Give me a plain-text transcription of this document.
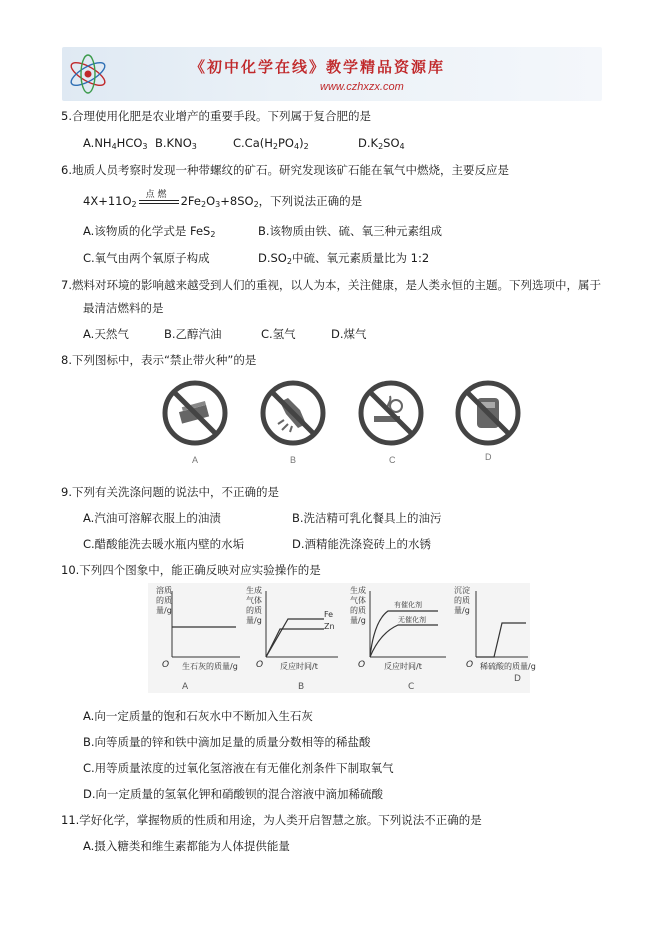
《初中化学在线》教学精品资源库
www.czhxzx.com
5.合理使用化肥是农业增产的重要手段。下列属于复合肥的是
$A.NH_4HCO_3$ $B.KNO_3$	$C.Ca(H_2PO_4)_2$	$D.K_2SO_4$
6.地质人员考察时发现一种带螺纹的矿石。研究发现该矿石能在氧气中燃烧，主要反应是
$4X+11O_2$
点 燃 $2Fe_2O_3+8SO_2$，下列说法正确的是
A.该物质的化学式是 FeS$_2$	B.该物质由铁、硫、氧三种元素组成
C.氧气由两个氧原子构成	$D.SO_2$中硫、氧元素质量比为 1:2
7.燃料对环境的影响越来越受到人们的重视，以人为本，关注健康，是人类永恒的主题。下列选项中，属于
最清洁燃料的是
A.天然气	B.乙醇汽油	C.氢气	D.煤气
8.下列图标中，表示“禁止带火种”的是
A	B	C	D
9.下列有关洗涤问题的说法中，不正确的是
A.汽油可溶解衣服上的油渍	B.洗洁精可乳化餐具上的油污
C.醋酸能洗去暖水瓶内壁的水垢	D.酒精能洗涤瓷砖上的水锈
10.下列四个图象中，能正确反映对应实验操作的是
溶质
的质
量/g
O 生石灰的质量/g
A
生成
气体
的质
量/g
Fe
Zn
O 反应时间/t
B
生成
气体
的质
量/g
有催化剂
无催化剂
O 反应时间/t
C
沉淀
的质
量/g
O 稀硫酸的质量/g
D
A.向一定质量的饱和石灰水中不断加入生石灰
B.向等质量的锌和铁中滴加足量的质量分数相等的稀盐酸
C.用等质量浓度的过氧化氢溶液在有无催化剂条件下制取氧气
D.向一定质量的氢氧化钾和硝酸钡的混合溶液中滴加稀硫酸
11.学好化学，掌握物质的性质和用途，为人类开启智慧之旅。下列说法不正确的是
A.摄入糖类和维生素都能为人体提供能量
